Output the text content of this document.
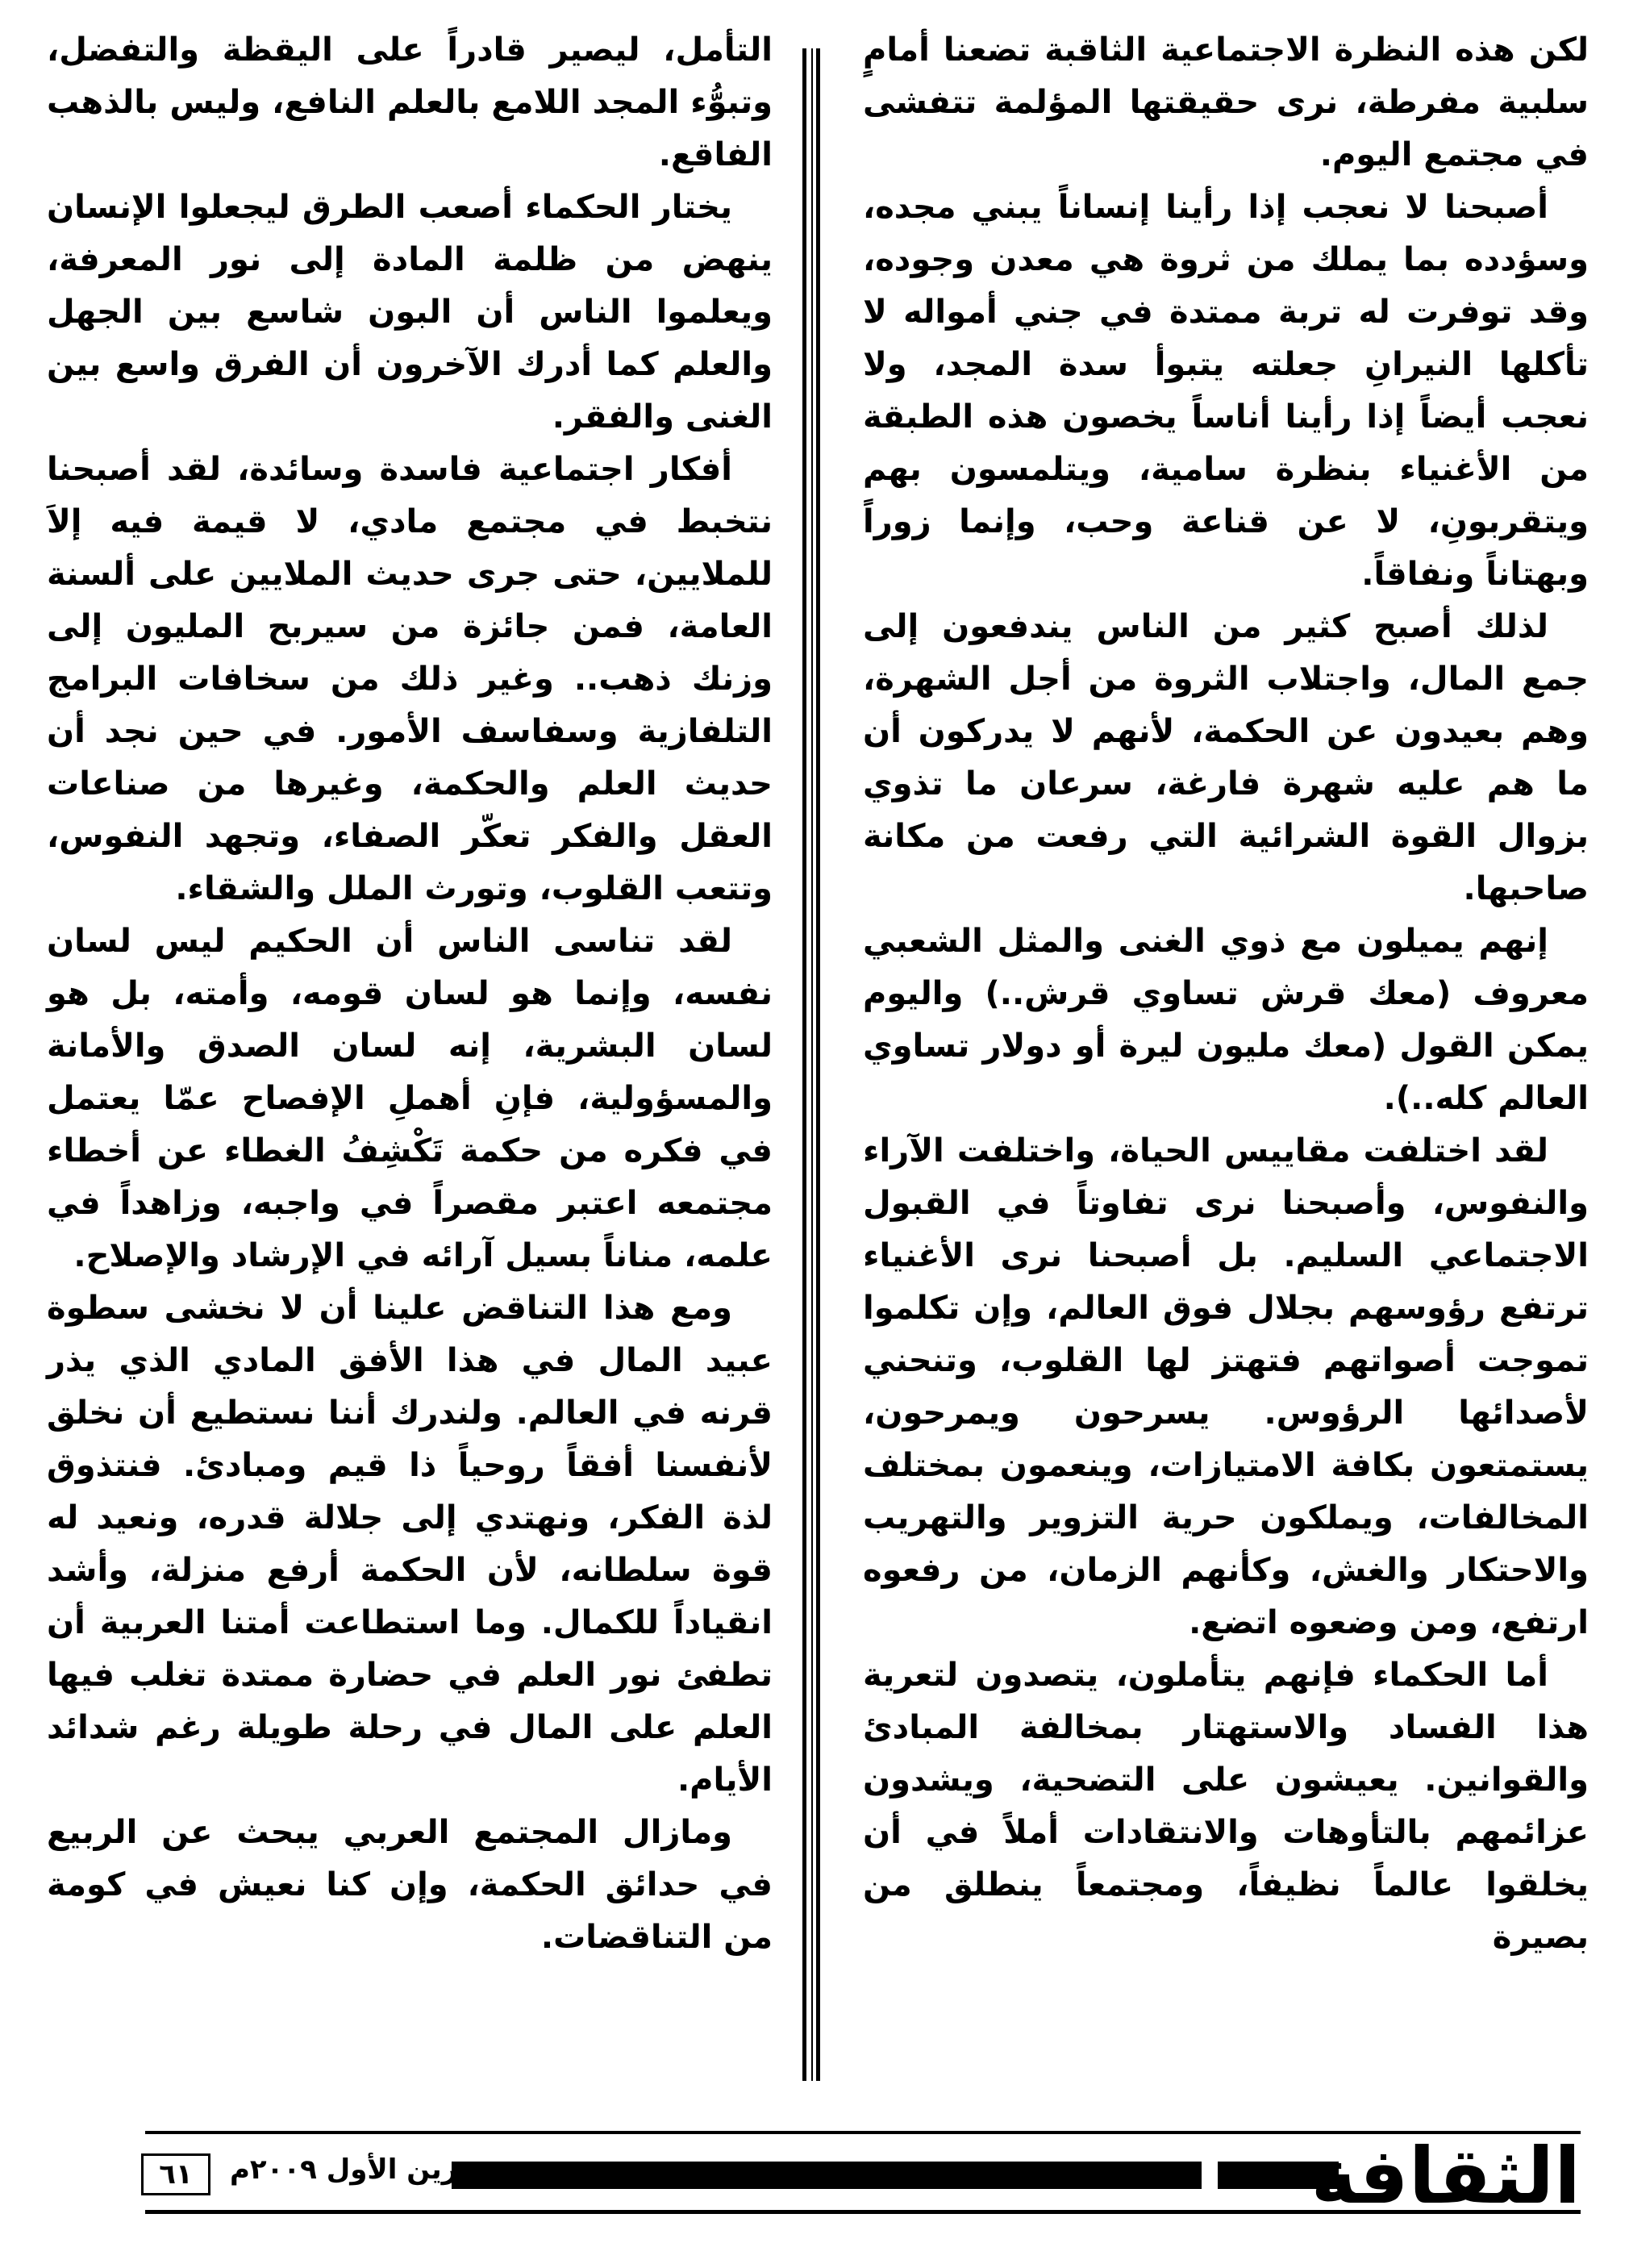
لكن هذه النظرة الاجتماعية الثاقبة تضعنا أمامٍ سلبية مفرطة، نرى حقيقتها المؤلمة تتفشى في مجتمع اليوم.

أصبحنا لا نعجب إذا رأينا إنساناً يبني مجده، وسؤدده بما يملك من ثروة هي معدن وجوده، وقد توفرت له تربة ممتدة في جني أمواله لا تأكلها النيرانِ جعلته يتبوأ سدة المجد، ولا نعجب أيضاً إذا رأينا أناساً يخصون هذه الطبقة من الأغنياء بنظرة سامية، ويتلمسون بهم ويتقربونِ، لا عن قناعة وحب، وإنما زوراً وبهتاناً ونفاقاً.

لذلك أصبح كثير من الناس يندفعون إلى جمع المال، واجتلاب الثروة من أجل الشهرة، وهم بعيدون عن الحكمة، لأنهم لا يدركون أن ما هم عليه شهرة فارغة، سرعان ما تذوي بزوال القوة الشرائية التي رفعت من مكانة صاحبها.

إنهم يميلون مع ذوي الغنى والمثل الشعبي معروف (معك قرش تساوي قرش..) واليوم يمكن القول (معك مليون ليرة أو دولار تساوي العالم كله..).

لقد اختلفت مقاييس الحياة، واختلفت الآراء والنفوس، وأصبحنا نرى تفاوتاً في القبول الاجتماعي السليم. بل أصبحنا نرى الأغنياء ترتفع رؤوسهم بجلال فوق العالم، وإن تكلموا تموجت أصواتهم فتهتز لها القلوب، وتنحني لأصدائها الرؤوس. يسرحون ويمرحون، يستمتعون بكافة الامتيازات، وينعمون بمختلف المخالفات، ويملكون حرية التزوير والتهريب والاحتكار والغش، وكأنهم الزمان، من رفعوه ارتفع، ومن وضعوه اتضع.

أما الحكماء فإنهم يتأملون، يتصدون لتعرية هذا الفساد والاستهتار بمخالفة المبادئ والقوانين. يعيشون على التضحية، ويشدون عزائمهم بالتأوهات والانتقادات أملاً في أن يخلقوا عالماً نظيفاً، ومجتمعاً ينطلق من بصيرة

التأمل، ليصير قادراً على اليقظة والتفضل، وتبوُّء المجد اللامع بالعلم النافع، وليس بالذهب الفاقع.

يختار الحكماء أصعب الطرق ليجعلوا الإنسان ينهض من ظلمة المادة إلى نور المعرفة، ويعلموا الناس أن البون شاسع بين الجهل والعلم كما أدرك الآخرون أن الفرق واسع بين الغنى والفقر.

أفكار اجتماعية فاسدة وسائدة، لقد أصبحنا نتخبط في مجتمع مادي، لا قيمة فيه إلاَ للملايين، حتى جرى حديث الملايين على ألسنة العامة، فمن جائزة من سيربح المليون إلى وزنك ذهب.. وغير ذلك من سخافات البرامج التلفازية وسفاسف الأمور. في حين نجد أن حديث العلم والحكمة، وغيرها من صناعات العقل والفكر تعكّر الصفاء، وتجهد النفوس، وتتعب القلوب، وتورث الملل والشقاء.

لقد تناسى الناس أن الحكيم ليس لسان نفسه، وإنما هو لسان قومه، وأمته، بل هو لسان البشرية، إنه لسان الصدق والأمانة والمسؤولية، فإنِ أهملِ الإفصاح عمّا يعتمل في فكره من حكمة تَكْشِفُ الغطاء عن أخطاء مجتمعه اعتبر مقصراً في واجبه، وزاهداً في علمه، مناناً بسيل آرائه في الإرشاد والإصلاح.

ومع هذا التناقض علينا أن لا نخشى سطوة عبيد المال في هذا الأفق المادي الذي يذر قرنه في العالم. ولندرك أننا نستطيع أن نخلق لأنفسنا أفقاً روحياً ذا قيم ومبادئ. فنتذوق لذة الفكر، ونهتدي إلى جلالة قدره، ونعيد له قوة سلطانه، لأن الحكمة أرفع منزلة، وأشد انقياداً للكمال. وما استطاعت أمتنا العربية أن تطفئ نور العلم في حضارة ممتدة تغلب فيها العلم على المال في رحلة طويلة رغم شدائد الأيام.

ومازال المجتمع العربي يبحث عن الربيع في حدائق الحكمة، وإن كنا نعيش في كومة من التناقضات.

الثقافة
تشرين الأول ٢٠٠٩م
٦١
